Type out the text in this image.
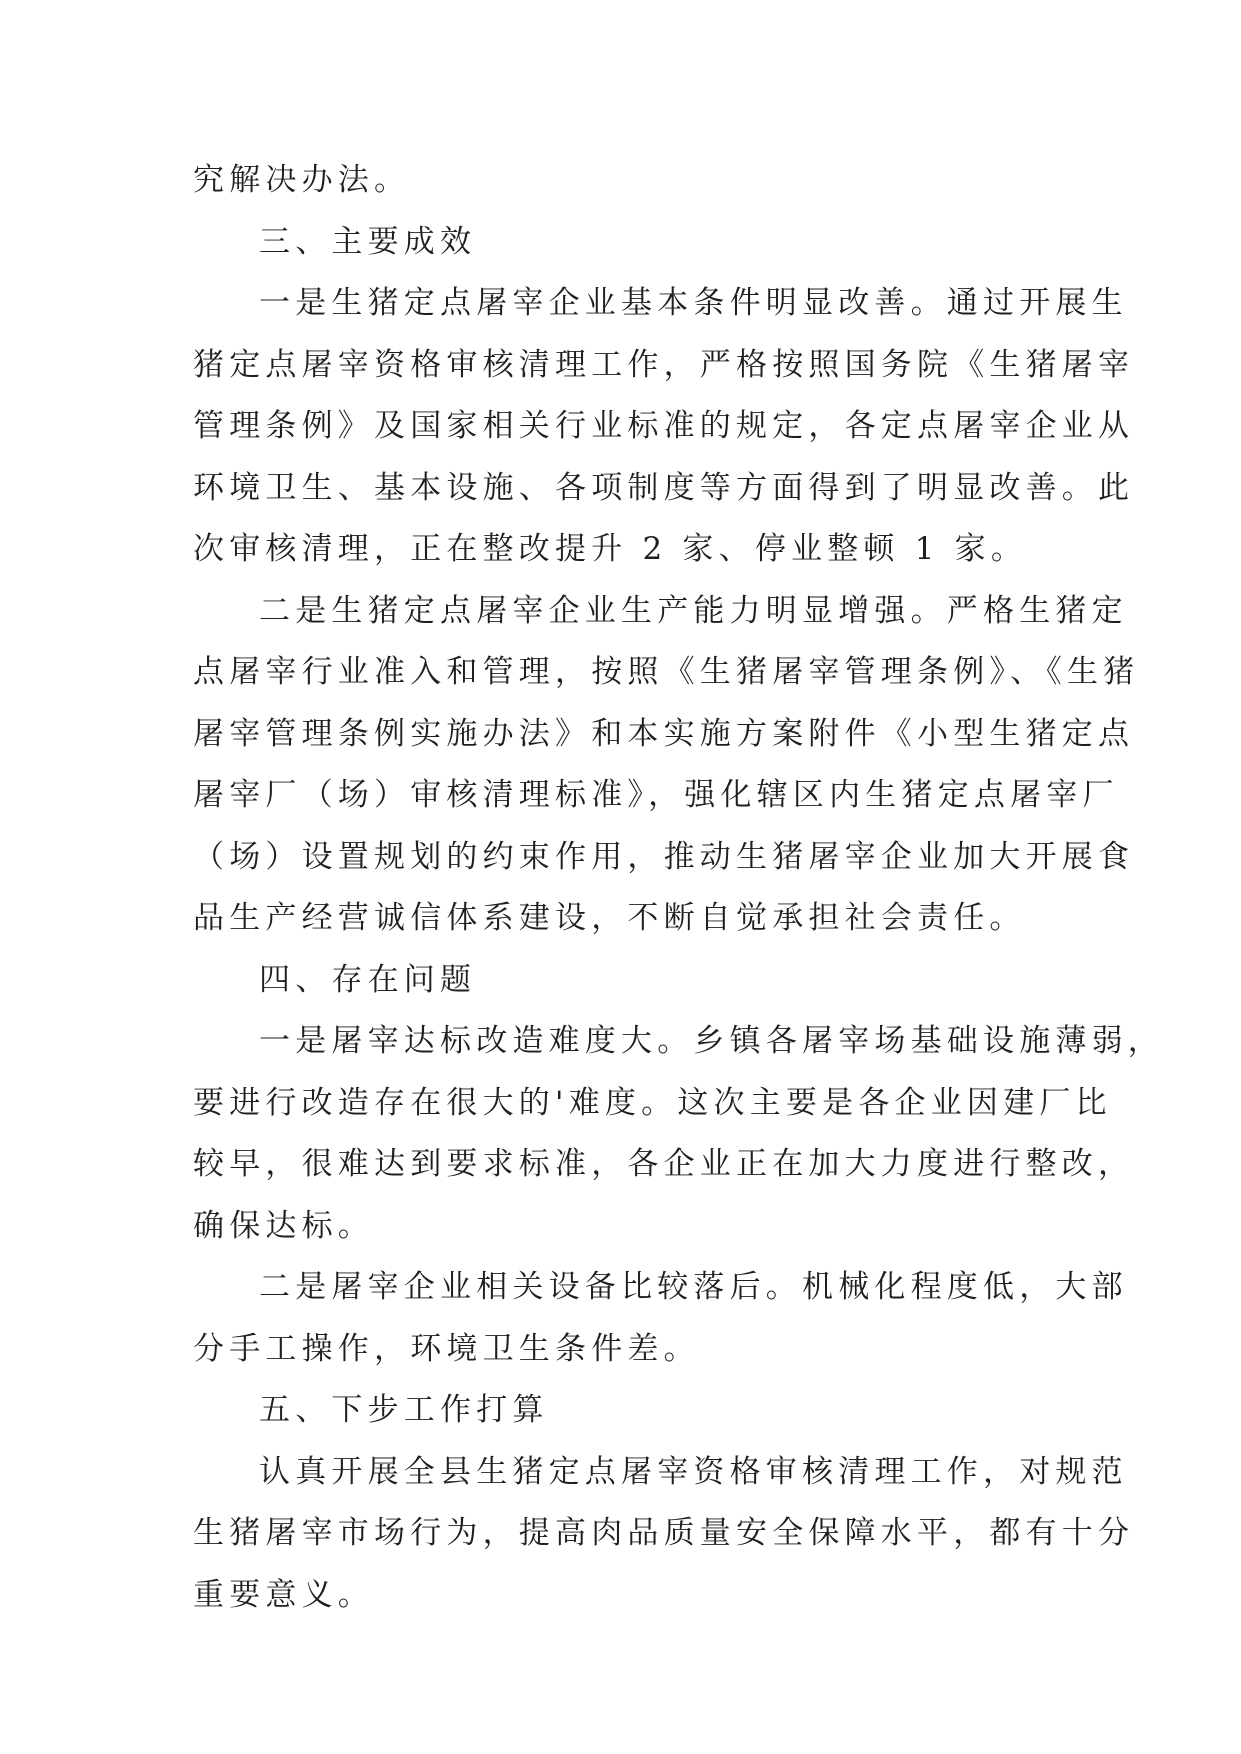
究解决办法。
三、主要成效
一是生猪定点屠宰企业基本条件明显改善。通过开展生
猪定点屠宰资格审核清理工作，严格按照国务院《生猪屠宰
管理条例》及国家相关行业标准的规定，各定点屠宰企业从
环境卫生、基本设施、各项制度等方面得到了明显改善。此
次审核清理，正在整改提升 2 家、停业整顿 1 家。
二是生猪定点屠宰企业生产能力明显增强。严格生猪定
点屠宰行业准入和管理，按照《生猪屠宰管理条例》、《生猪
屠宰管理条例实施办法》和本实施方案附件《小型生猪定点
屠宰厂（场）审核清理标准》，强化辖区内生猪定点屠宰厂
（场）设置规划的约束作用，推动生猪屠宰企业加大开展食
品生产经营诚信体系建设，不断自觉承担社会责任。
四、存在问题
一是屠宰达标改造难度大。乡镇各屠宰场基础设施薄弱，
要进行改造存在很大的'难度。这次主要是各企业因建厂比
较早，很难达到要求标准，各企业正在加大力度进行整改，
确保达标。
二是屠宰企业相关设备比较落后。机械化程度低，大部
分手工操作，环境卫生条件差。
五、下步工作打算
认真开展全县生猪定点屠宰资格审核清理工作，对规范
生猪屠宰市场行为，提高肉品质量安全保障水平，都有十分
重要意义。
